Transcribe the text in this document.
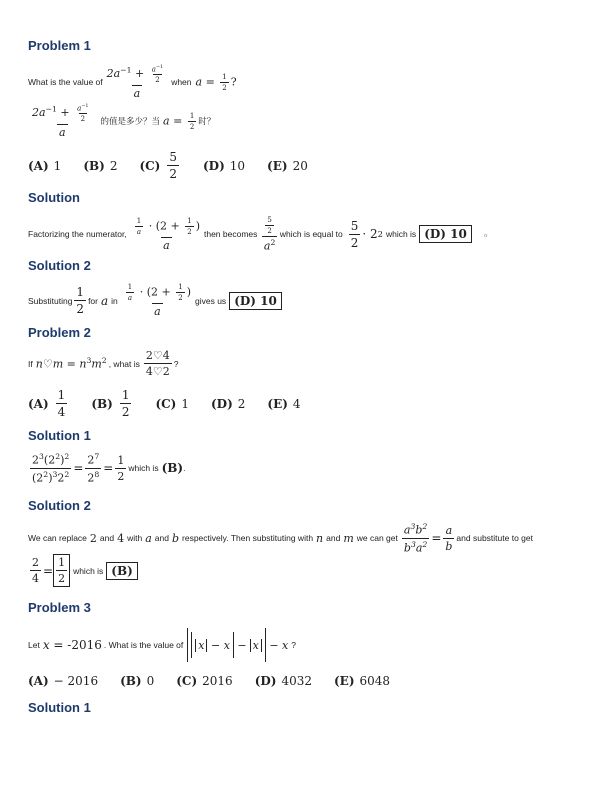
Problem 1
What is the value of $\frac{2a^{-1} + \frac{a^{-1}}{2}}{a}$ when $a = \frac{1}{2}$ ?
$\frac{2a^{-1} + \frac{a^{-1}}{2}}{a}$ 的值是多少？当 $a = \frac{1}{2}$ 时？
(A) 1 (B) 2 $(C) \frac{5}{2} (D)$ 10 (E) 20
Solution
Factorizing the numerator, $\frac{\frac{1}{a} \cdot (2 + \frac{1}{2} )}{a}$ then becomes $\frac{\frac{5}{2}}{a^2}$ which is equal to $\frac{5}{2} \cdot 2$ 2 which is (D) 10	ℴ
Solution 2
Substituting $\frac{1}{2}$ for a in $\frac{\frac{1}{a} \cdot (2 + \frac{1}{2} )}{a}$ gives us (D) 10
Problem 2
If n♡m = $n^3m^2$ , what is $\frac{2♡4}{4♡2}$ ?
$(A) \frac{1}{4} (B) \frac{1}{2} (C)$ 1 (D) 2 (E) 4
Solution 1
$\frac{2^3(2^2)^2}{(2^2)^32^2} = \frac{2^7}{2^8} = \frac{1}{2}$ which is (B) .
Solution 2
We can replace 2 and 4 with a and b respectively. Then substituting with n and m we can get $\frac{a^3b^2}{b^3a^2} = \frac{a}{b}$ and substitute to get
$\frac{2}{4} = \frac{1}{2}$ which is (B)
Problem 3
Let x = -2016 . What is the value of x − x − x − x ?
(A) − 2016 (B) 0 (C) 2016 (D) 4032 (E) 6048
Solution 1
